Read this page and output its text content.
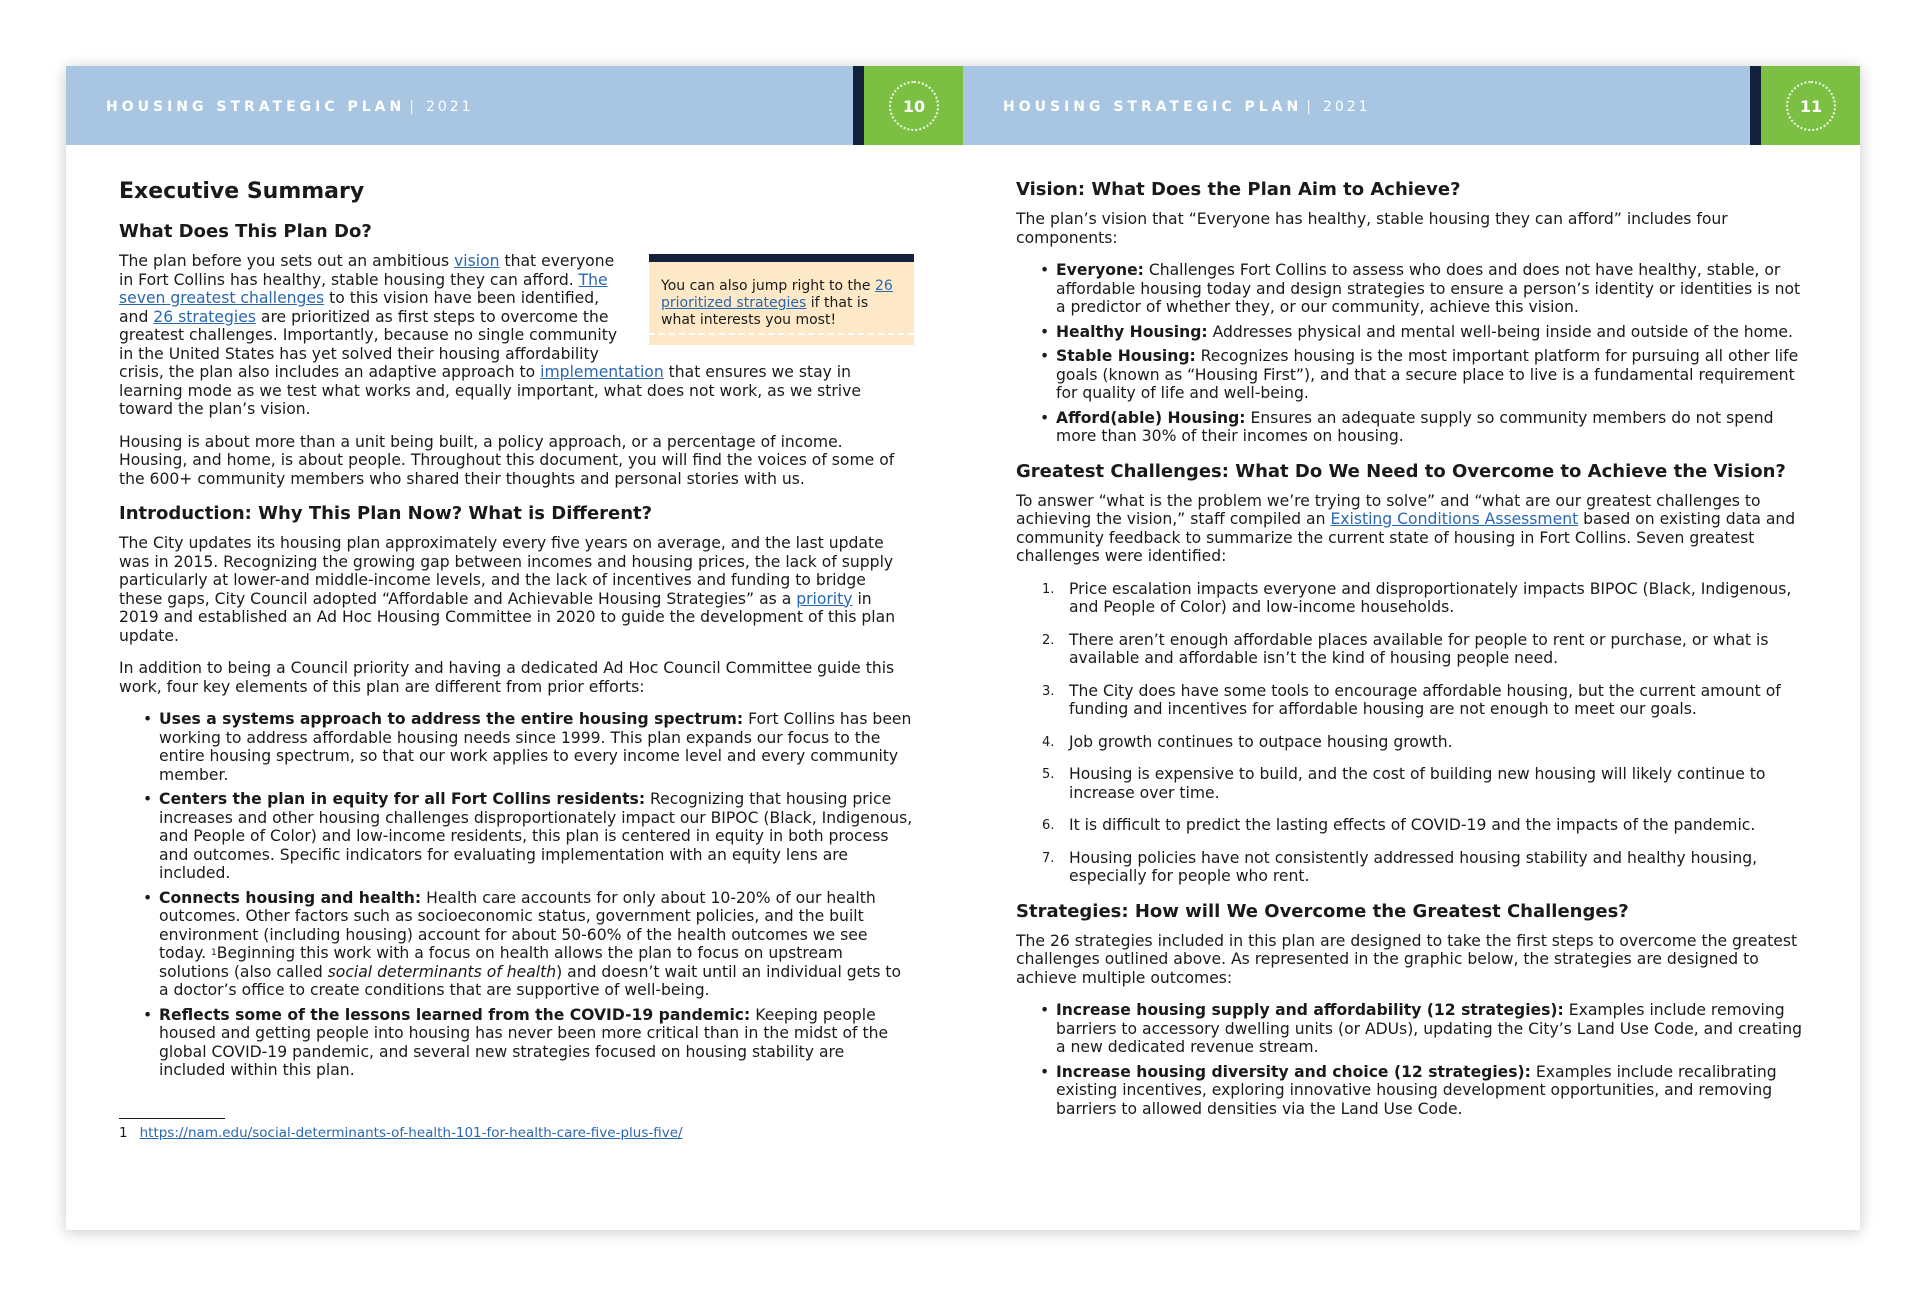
HOUSING STRATEGIC PLAN | 2021	10
Executive Summary
What Does This Plan Do?
You can also jump right to the 26 prioritized strategies if that is what interests you most!

The plan before you sets out an ambitious vision that everyone in Fort Collins has healthy, stable housing they can afford. The seven greatest challenges to this vision have been identified, and 26 strategies are prioritized as first steps to overcome the greatest challenges. Importantly, because no single community in the United States has yet solved their housing affordability crisis, the plan also includes an adaptive approach to implementation that ensures we stay in learning mode as we test what works and, equally important, what does not work, as we strive toward the plan’s vision.

Housing is about more than a unit being built, a policy approach, or a percentage of income. Housing, and home, is about people. Throughout this document, you will find the voices of some of the 600+ community members who shared their thoughts and personal stories with us.

Introduction: Why This Plan Now? What is Different?

The City updates its housing plan approximately every five years on average, and the last update was in 2015. Recognizing the growing gap between incomes and housing prices, the lack of supply particularly at lower-and middle-income levels, and the lack of incentives and funding to bridge these gaps, City Council adopted “Affordable and Achievable Housing Strategies” as a priority in 2019 and established an Ad Hoc Housing Committee in 2020 to guide the development of this plan update.

In addition to being a Council priority and having a dedicated Ad Hoc Council Committee guide this work, four key elements of this plan are different from prior efforts:

• Uses a systems approach to address the entire housing spectrum: Fort Collins has been working to address affordable housing needs since 1999. This plan expands our focus to the entire housing spectrum, so that our work applies to every income level and every community member.
• Centers the plan in equity for all Fort Collins residents: Recognizing that housing price increases and other housing challenges disproportionately impact our BIPOC (Black, Indigenous, and People of Color) and low-income residents, this plan is centered in equity in both process and outcomes. Specific indicators for evaluating implementation with an equity lens are included.
• Connects housing and health: Health care accounts for only about 10-20% of our health outcomes. Other factors such as socioeconomic status, government policies, and the built environment (including housing) account for about 50-60% of the health outcomes we see today. $^1$Beginning this work with a focus on health allows the plan to focus on upstream solutions (also called social determinants of health) and doesn’t wait until an individual gets to a doctor’s office to create conditions that are supportive of well-being.
• Reflects some of the lessons learned from the COVID-19 pandemic: Keeping people housed and getting people into housing has never been more critical than in the midst of the global COVID-19 pandemic, and several new strategies focused on housing stability are included within this plan.
1 https://nam.edu/social-determinants-of-health-101-for-health-care-five-plus-five/
HOUSING STRATEGIC PLAN | 2021	11
Vision: What Does the Plan Aim to Achieve?

The plan’s vision that “Everyone has healthy, stable housing they can afford” includes four components:

• Everyone: Challenges Fort Collins to assess who does and does not have healthy, stable, or affordable housing today and design strategies to ensure a person’s identity or identities is not a predictor of whether they, or our community, achieve this vision.
• Healthy Housing: Addresses physical and mental well-being inside and outside of the home.
• Stable Housing: Recognizes housing is the most important platform for pursuing all other life goals (known as “Housing First”), and that a secure place to live is a fundamental requirement for quality of life and well-being.
• Afford(able) Housing: Ensures an adequate supply so community members do not spend more than 30% of their incomes on housing.
Greatest Challenges: What Do We Need to Overcome to Achieve the Vision?

To answer “what is the problem we’re trying to solve” and “what are our greatest challenges to achieving the vision,” staff compiled an Existing Conditions Assessment based on existing data and community feedback to summarize the current state of housing in Fort Collins. Seven greatest challenges were identified:

1. Price escalation impacts everyone and disproportionately impacts BIPOC (Black, Indigenous, and People of Color) and low-income households.
2. There aren’t enough affordable places available for people to rent or purchase, or what is available and affordable isn’t the kind of housing people need.
3. The City does have some tools to encourage affordable housing, but the current amount of funding and incentives for affordable housing are not enough to meet our goals.
4. Job growth continues to outpace housing growth.
5. Housing is expensive to build, and the cost of building new housing will likely continue to increase over time.
6. It is difficult to predict the lasting effects of COVID-19 and the impacts of the pandemic.
7. Housing policies have not consistently addressed housing stability and healthy housing, especially for people who rent.
Strategies: How will We Overcome the Greatest Challenges?

The 26 strategies included in this plan are designed to take the first steps to overcome the greatest challenges outlined above. As represented in the graphic below, the strategies are designed to achieve multiple outcomes:

• Increase housing supply and affordability (12 strategies): Examples include removing barriers to accessory dwelling units (or ADUs), updating the City’s Land Use Code, and creating a new dedicated revenue stream.
• Increase housing diversity and choice (12 strategies): Examples include recalibrating existing incentives, exploring innovative housing development opportunities, and removing barriers to allowed densities via the Land Use Code.
